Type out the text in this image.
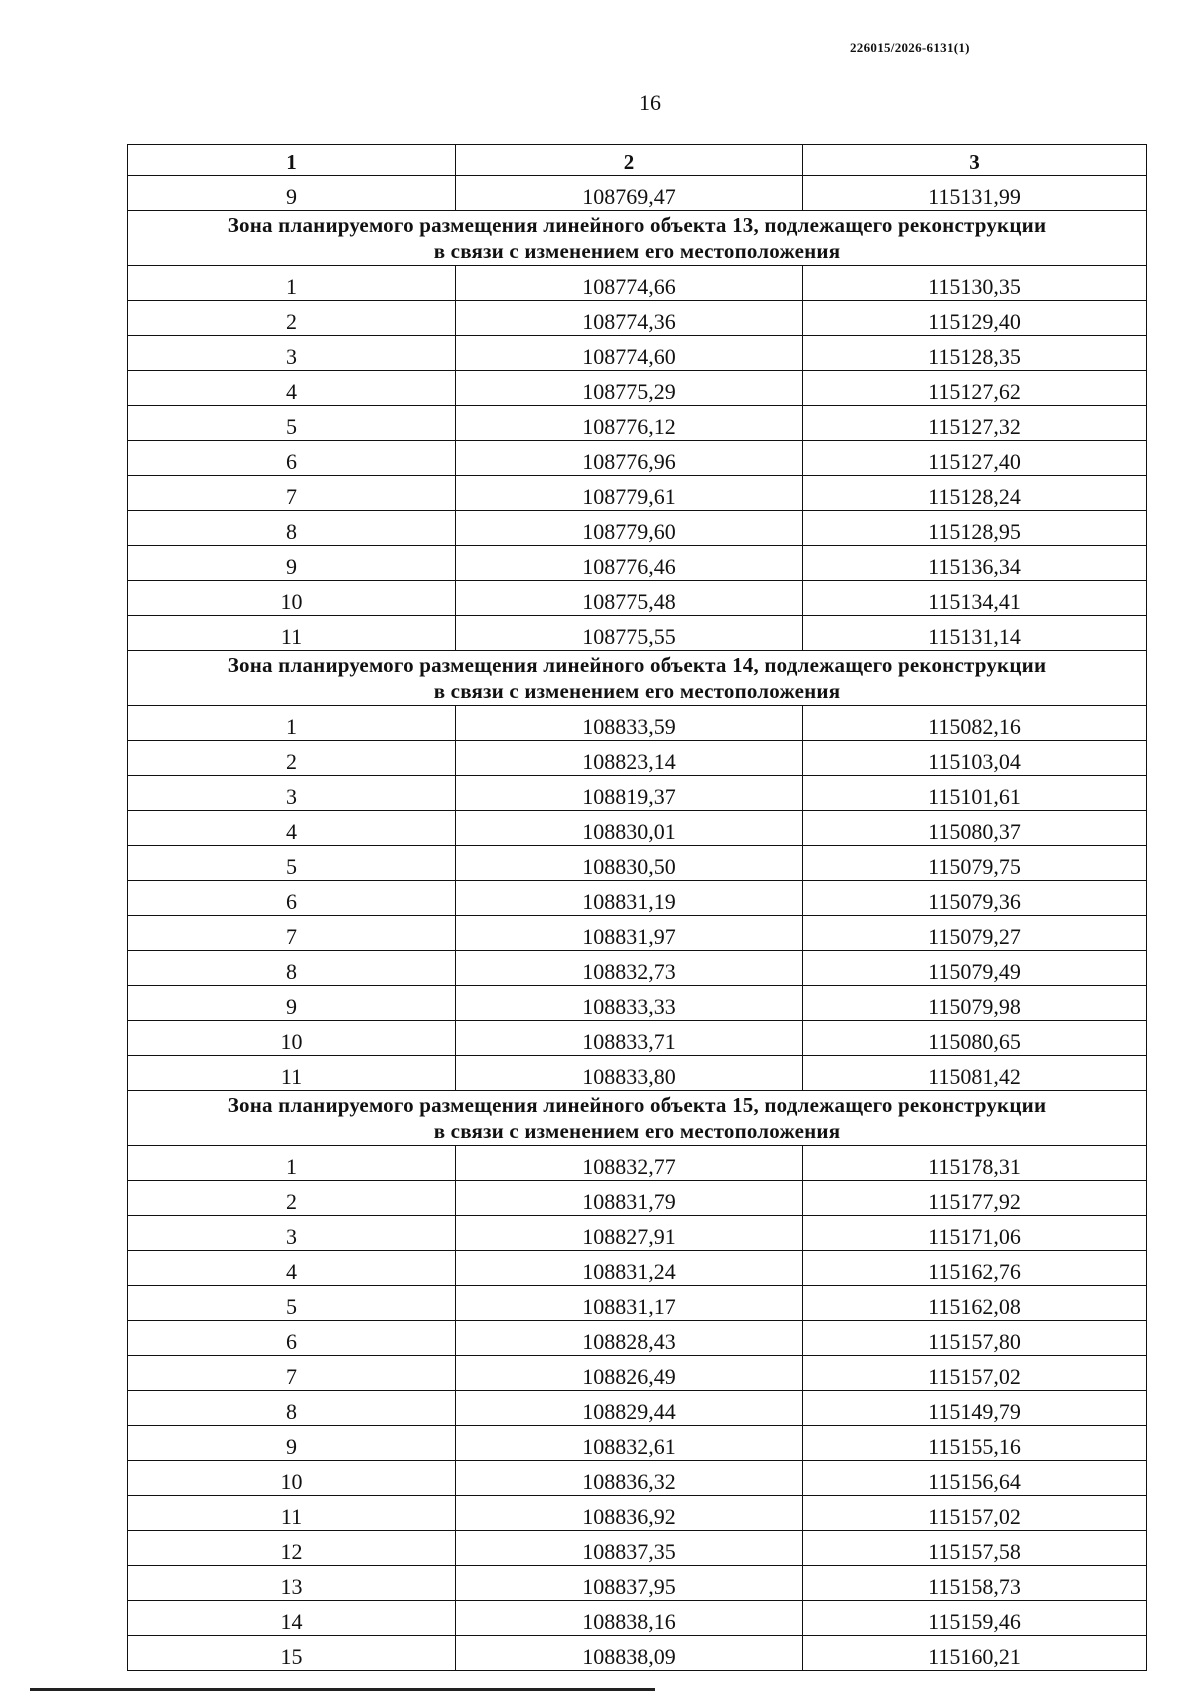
226015/2026-6131(1)
16
1	2	3
9	108769,47	115131,99

Зона планируемого размещения линейного объекта 13, подлежащего реконструкции
в связи с изменением его местоположения		

1	108774,66	115130,35
2	108774,36	115129,40
3	108774,60	115128,35
4	108775,29	115127,62
5	108776,12	115127,32
6	108776,96	115127,40
7	108779,61	115128,24
8	108779,60	115128,95
9	108776,46	115136,34
10	108775,48	115134,41
11	108775,55	115131,14

Зона планируемого размещения линейного объекта 14, подлежащего реконструкции
в связи с изменением его местоположения		

1	108833,59	115082,16
2	108823,14	115103,04
3	108819,37	115101,61
4	108830,01	115080,37
5	108830,50	115079,75
6	108831,19	115079,36
7	108831,97	115079,27
8	108832,73	115079,49
9	108833,33	115079,98
10	108833,71	115080,65
11	108833,80	115081,42

Зона планируемого размещения линейного объекта 15, подлежащего реконструкции
в связи с изменением его местоположения		

1	108832,77	115178,31
2	108831,79	115177,92
3	108827,91	115171,06
4	108831,24	115162,76
5	108831,17	115162,08
6	108828,43	115157,80
7	108826,49	115157,02
8	108829,44	115149,79
9	108832,61	115155,16
10	108836,32	115156,64
11	108836,92	115157,02
12	108837,35	115157,58
13	108837,95	115158,73
14	108838,16	115159,46
15	108838,09	115160,21
